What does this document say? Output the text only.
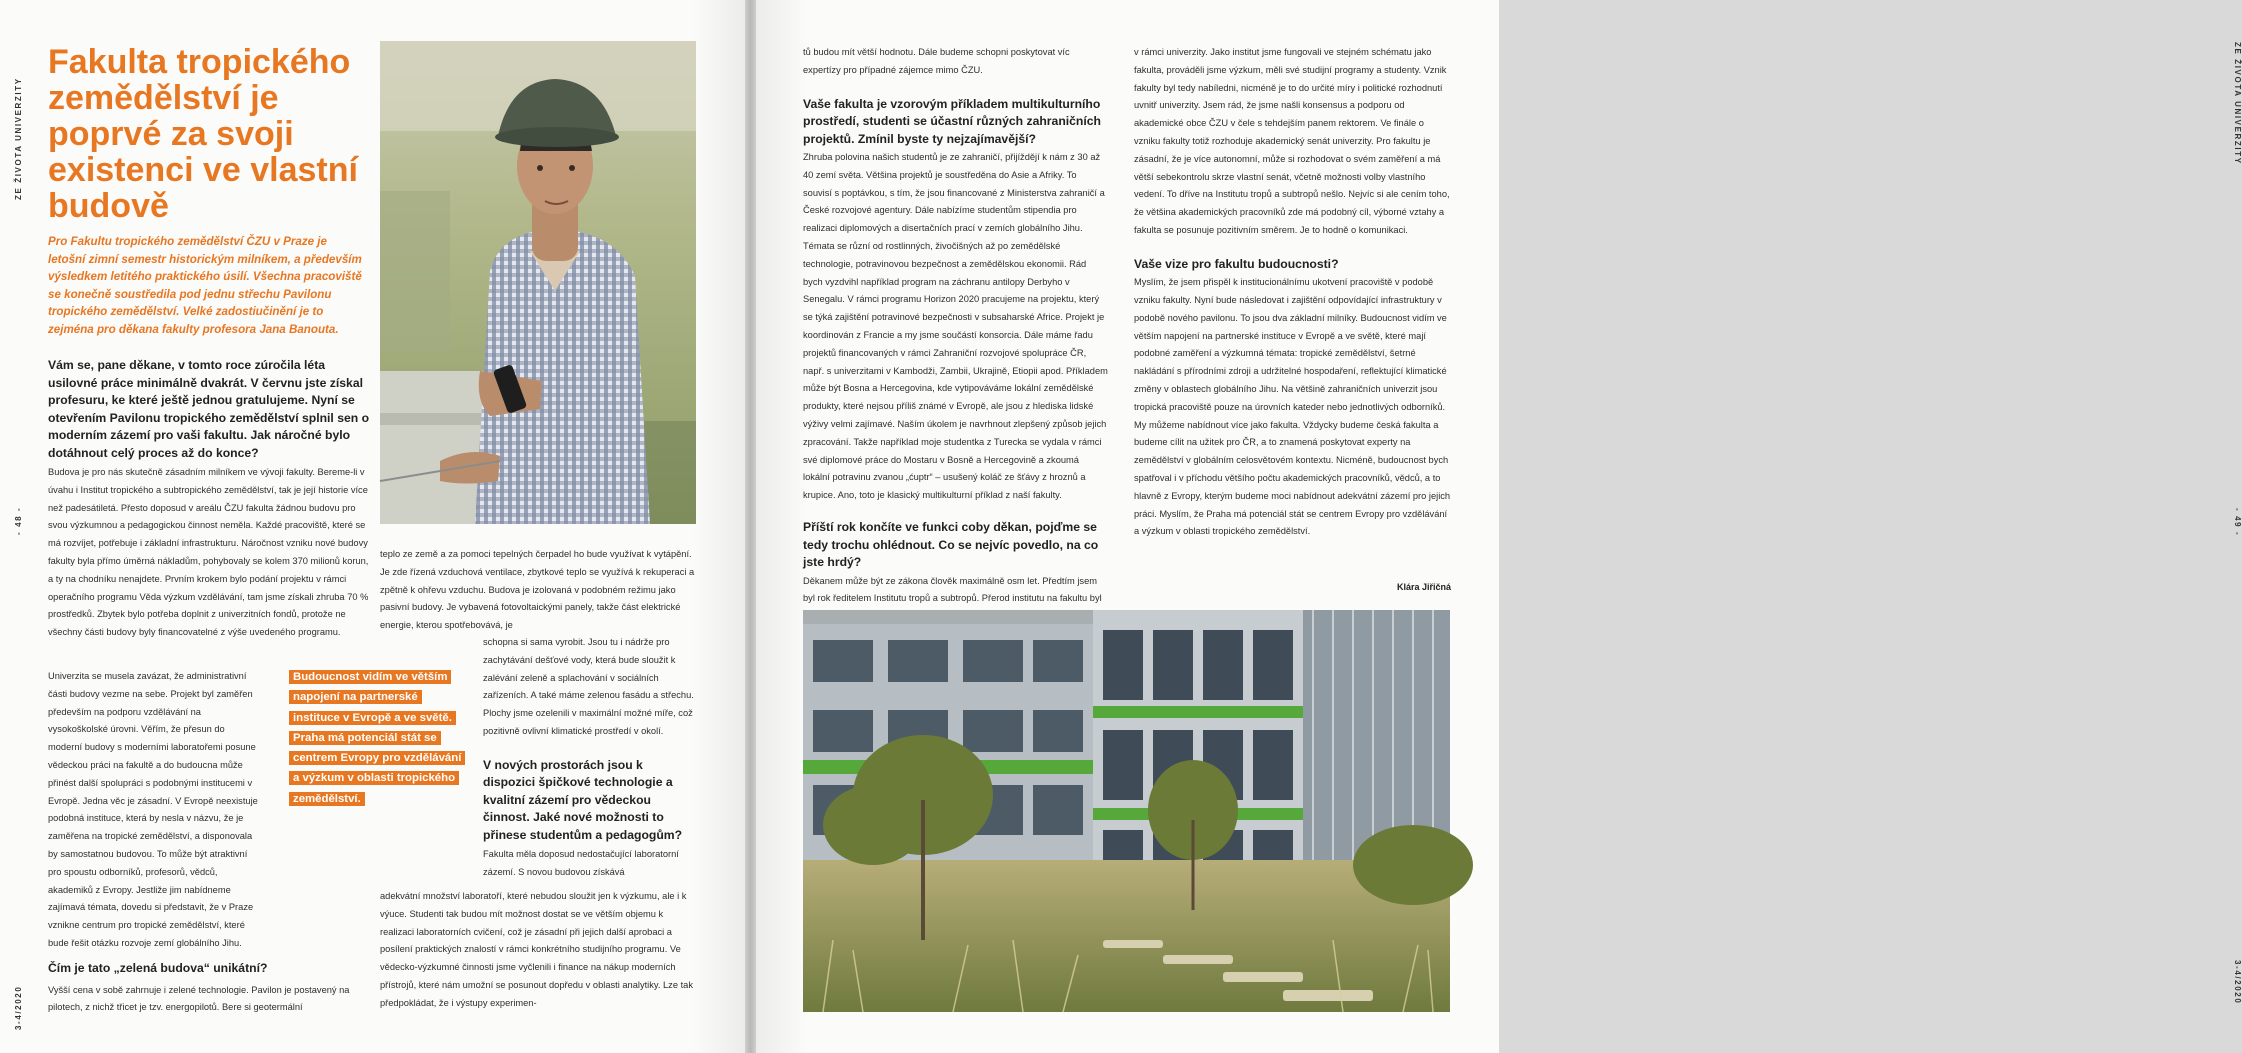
ZE ŽIVOTA UNIVERZITY
- 48 -
3-4/2020
Fakulta tropického zemědělství je poprvé za svoji existenci ve vlastní budově

Pro Fakultu tropického zemědělství ČZU v Praze je letošní zimní semestr historickým milníkem, a především výsledkem letitého praktického úsilí. Všechna pracoviště se konečně soustředila pod jednu střechu Pavilonu tropického zemědělství. Velké zadostiučinění je to zejména pro děkana fakulty profesora Jana Banouta.

Vám se, pane děkane, v tomto roce zúročila léta usilovné práce minimálně dvakrát. V červnu jste získal profesuru, ke které ještě jednou gratulujeme. Nyní se otevřením Pavilonu tropického zemědělství splnil sen o moderním zázemí pro vaši fakultu. Jak náročné bylo dotáhnout celý proces až do konce?

Budova je pro nás skutečně zásadním milníkem ve vývoji fakulty. Bereme-li v úvahu i Institut tropického a subtropického zemědělství, tak je její historie více než padesátiletá. Přesto doposud v areálu ČZU fakulta žádnou budovu pro svou výzkumnou a pedagogickou činnost neměla. Každé pracoviště, které se má rozvíjet, potřebuje i základní infrastrukturu. Náročnost vzniku nové budovy fakulty byla přímo úměrná nákladům, pohybovaly se kolem 370 milionů korun, a ty na chodníku nenajdete. Prvním krokem bylo podání projektu v rámci operačního programu Věda výzkum vzdělávání, tam jsme získali zhruba 70 % prostředků. Zbytek bylo potřeba doplnit z univerzitních fondů, protože ne všechny části budovy byly financovatelné z výše uvedeného programu.

Univerzita se musela zavázat, že administrativní části budovy vezme na sebe. Projekt byl zaměřen především na podporu vzdělávání na vysokoškolské úrovni. Věřím, že přesun do moderní budovy s moderními laboratořemi posune vědeckou práci na fakultě a do budoucna může přinést další spolupráci s podobnými institucemi v Evropě. Jedna věc je zásadní. V Evropě neexistuje podobná instituce, která by nesla v názvu, že je zaměřena na tropické zemědělství, a disponovala by samostatnou budovou. To může být atraktivní pro spoustu odborníků, profesorů, vědců, akademiků z Evropy. Jestliže jim nabídneme zajímavá témata, dovedu si představit, že v Praze vznikne centrum pro tropické zemědělství, které bude řešit otázku rozvoje zemí globálního Jihu.

Čím je tato „zelená budova“ unikátní?

Vyšší cena v sobě zahrnuje i zelené technologie. Pavilon je postavený na pilotech, z nichž třicet je tzv. energopilotů. Bere si geotermální

teplo ze země a za pomoci tepelných čerpadel ho bude využívat k vytápění. Je zde řízená vzduchová ventilace, zbytkové teplo se využívá k rekuperaci a zpětně k ohřevu vzduchu. Budova je izolovaná v podobném režimu jako pasivní budovy. Je vybavená fotovoltaickými panely, takže část elektrické energie, kterou spotřebovává, je

schopna si sama vyrobit. Jsou tu i nádrže pro zachytávání dešťové vody, která bude sloužit k zalévání zeleně a splachování v sociálních zařízeních. A také máme zelenou fasádu a střechu. Plochy jsme ozelenili v maximální možné míře, což pozitivně ovlivní klimatické prostředí v okolí.

V nových prostorách jsou k dispozici špičkové technologie a kvalitní zázemí pro vědeckou činnost. Jaké nové možnosti to přinese studentům a pedagogům?

Fakulta měla doposud nedostačující laboratorní zázemí. S novou budovou získává

adekvátní množství laboratoří, které nebudou sloužit jen k výzkumu, ale i k výuce. Studenti tak budou mít možnost dostat se ve větším objemu k realizaci laboratorních cvičení, což je zásadní při jejich další aprobaci a posílení praktických znalostí v rámci konkrétního studijního programu. Ve vědecko-výzkumné činnosti jsme vyčlenili i finance na nákup moderních přístrojů, které nám umožní se posunout dopředu v oblasti analytiky. Lze tak předpokládat, že i výstupy experimen-

Budoucnost vidím ve větším napojení na partnerské instituce v Evropě a ve světě. Praha má potenciál stát se centrem Evropy pro vzdělávání a výzkum v oblasti tropického zemědělství.

tů budou mít větší hodnotu. Dále budeme schopni poskytovat víc expertízy pro případné zájemce mimo ČZU.

Vaše fakulta je vzorovým příkladem multikulturního prostředí, studenti se účastní různých zahraničních projektů. Zmínil byste ty nejzajímavější?

Zhruba polovina našich studentů je ze zahraničí, přijíždějí k nám z 30 až 40 zemí světa. Většina projektů je soustředěna do Asie a Afriky. To souvisí s poptávkou, s tím, že jsou financované z Ministerstva zahraničí a České rozvojové agentury. Dále nabízíme studentům stipendia pro realizaci diplomových a disertačních prací v zemích globálního Jihu. Témata se různí od rostlinných, živočišných až po zemědělské technologie, potravinovou bezpečnost a zemědělskou ekonomii. Rád bych vyzdvihl například program na záchranu antilopy Derbyho v Senegalu. V rámci programu Horizon 2020 pracujeme na projektu, který se týká zajištění potravinové bezpečnosti v subsaharské Africe. Projekt je koordinován z Francie a my jsme součástí konsorcia. Dále máme řadu projektů financovaných v rámci Zahraniční rozvojové spolupráce ČR, např. s univerzitami v Kambodži, Zambii, Ukrajině, Etiopii apod. Příkladem může být Bosna a Hercegovina, kde vytipováváme lokální zemědělské produkty, které nejsou příliš známé v Evropě, ale jsou z hlediska lidské výživy velmi zajímavé. Naším úkolem je navrhnout zlepšený způsob jejich zpracování. Takže například moje studentka z Turecka se vydala v rámci své diplomové práce do Mostaru v Bosně a Hercegovině a zkoumá lokální potravinu zvanou „ćuptr“ – usušený koláč ze šťávy z hroznů a krupice. Ano, toto je klasický multikulturní příklad z naší fakulty.

Příští rok končíte ve funkci coby děkan, pojďme se tedy trochu ohlédnout. Co se nejvíc povedlo, na co jste hrdý?

Děkanem může být ze zákona člověk maximálně osm let. Předtím jsem byl rok ředitelem Institutu tropů a subtropů. Přerod institutu na fakultu byl

v rámci univerzity. Jako institut jsme fungovali ve stejném schématu jako fakulta, prováděli jsme výzkum, měli své studijní programy a studenty. Vznik fakulty byl tedy nabíledni, nicméně je to do určité míry i politické rozhodnutí uvnitř univerzity. Jsem rád, že jsme našli konsensus a podporu od akademické obce ČZU v čele s tehdejším panem rektorem. Ve finále o vzniku fakulty totiž rozhoduje akademický senát univerzity. Pro fakultu je zásadní, že je více autonomní, může si rozhodovat o svém zaměření a má větší sebekontrolu skrze vlastní senát, včetně možnosti volby vlastního vedení. To dříve na Institutu tropů a subtropů nešlo. Nejvíc si ale cením toho, že většina akademických pracovníků zde má podobný cíl, výborné vztahy a fakulta se posunuje pozitivním směrem. Je to hodně o komunikaci.

Vaše vize pro fakultu budoucnosti?

Myslím, že jsem přispěl k institucionálnímu ukotvení pracoviště v podobě vzniku fakulty. Nyní bude následovat i zajištění odpovídající infrastruktury v podobě nového pavilonu. To jsou dva základní milníky. Budoucnost vidím ve větším napojení na partnerské instituce v Evropě a ve světě, které mají podobné zaměření a výzkumná témata: tropické zemědělství, šetrné nakládání s přírodními zdroji a udržitelné hospodaření, reflektující klimatické změny v oblastech globálního Jihu. Na většině zahraničních univerzit jsou tropická pracoviště pouze na úrovních kateder nebo jednotlivých odborníků. My můžeme nabídnout více jako fakulta. Vždycky budeme česká fakulta a budeme cílit na užitek pro ČR, a to znamená poskytovat experty na zemědělství v globálním celosvětovém kontextu. Nicméně, budoucnost bych spatřoval i v příchodu většího počtu akademických pracovníků, vědců, a to hlavně z Evropy, kterým budeme moci nabídnout adekvátní zázemí pro jejich práci. Myslím, že Praha má potenciál stát se centrem Evropy pro vzdělávání a výzkum v oblasti tropického zemědělství.

Klára Jiřičná
ZE ŽIVOTA UNIVERZITY
- 49 -
3-4/2020
